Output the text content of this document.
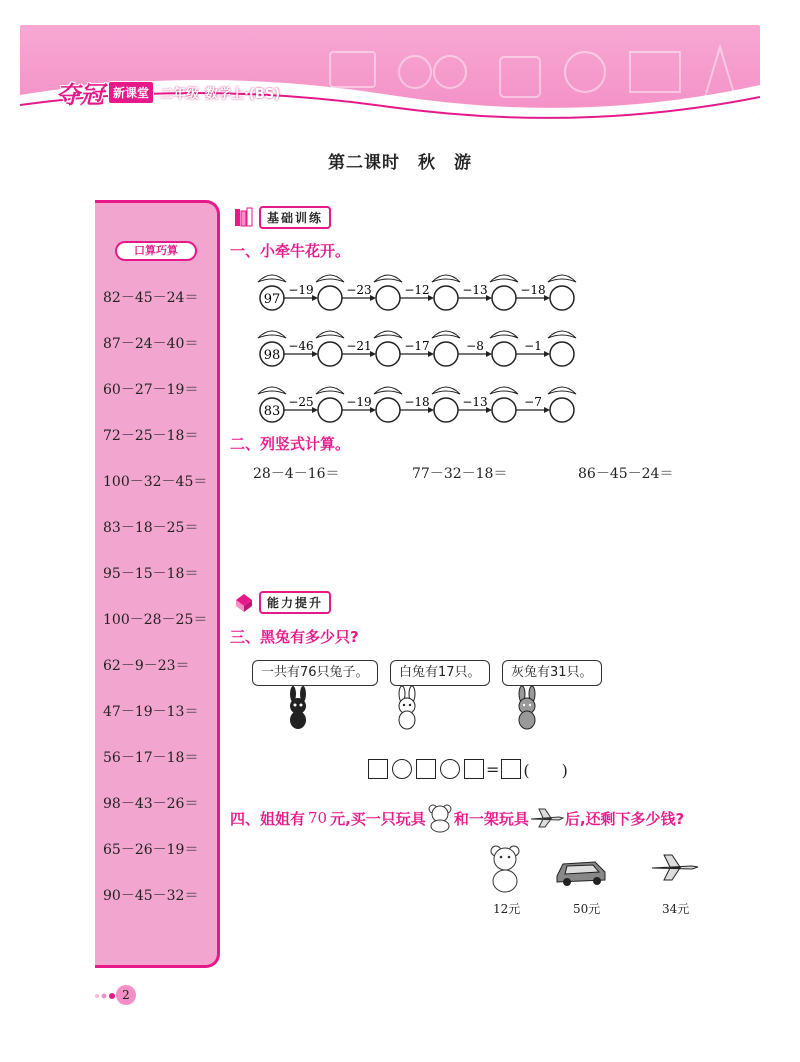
夺冠 新课堂 二年级 数学上·(BS)
第二课时　秋　游
口算巧算
82－45－24＝
87－24－40＝
60－27－19＝
72－25－18＝
100－32－45＝
83－18－25＝
95－15－18＝
100－28－25＝
62－9－23＝
47－19－13＝
56－17－18＝
98－43－26＝
65－26－19＝
90－45－32＝
基础训练
一、小牵牛花开。
97
−19	−23	−12	−13	−18
98
−46	−21	−17	−8	−1
83
−25	−19	−18	−13	−7
二、列竖式计算。
28－4－16＝	77－32－18＝	86－45－24＝
能力提升
三、黑兔有多少只?
一共有76只兔子。	白兔有17只。	灰兔有31只。
= (　　)
四、姐姐有 70 元,买一只玩具 和一架玩具 后,还剩下多少钱?
12元	50元	34元
2
